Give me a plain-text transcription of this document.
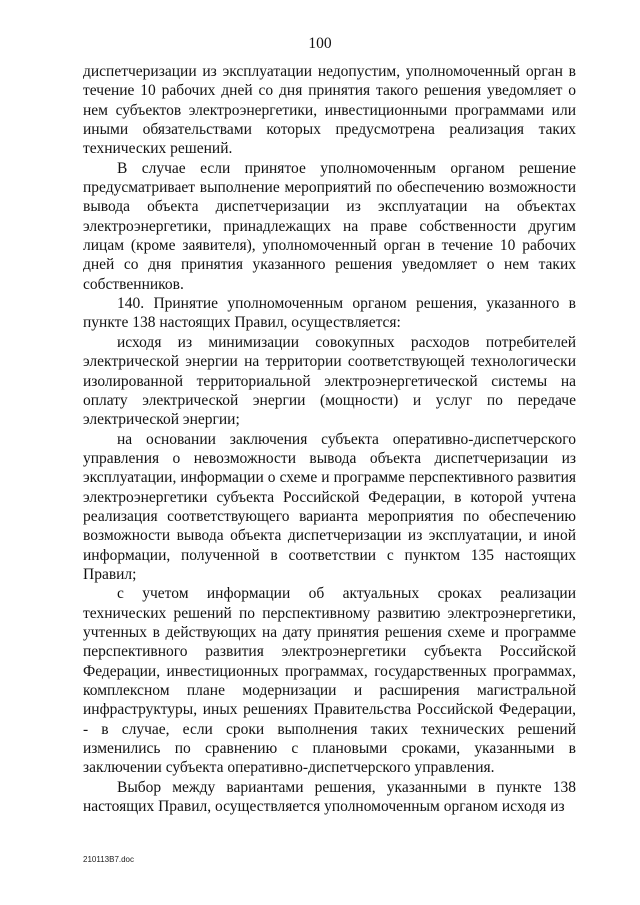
100

диспетчеризации из эксплуатации недопустим, уполномоченный орган в течение 10 рабочих дней со дня принятия такого решения уведомляет о нем субъектов электроэнергетики, инвестиционными программами или иными обязательствами которых предусмотрена реализация таких технических решений.

В случае если принятое уполномоченным органом решение предусматривает выполнение мероприятий по обеспечению возможности вывода объекта диспетчеризации из эксплуатации на объектах электроэнергетики, принадлежащих на праве собственности другим лицам (кроме заявителя), уполномоченный орган в течение 10 рабочих дней со дня принятия указанного решения уведомляет о нем таких собственников.

140. Принятие уполномоченным органом решения, указанного в пункте 138 настоящих Правил, осуществляется:

исходя из минимизации совокупных расходов потребителей электрической энергии на территории соответствующей технологически изолированной территориальной электроэнергетической системы на оплату электрической энергии (мощности) и услуг по передаче электрической энергии;

на основании заключения субъекта оперативно-диспетчерского управления о невозможности вывода объекта диспетчеризации из эксплуатации, информации о схеме и программе перспективного развития электроэнергетики субъекта Российской Федерации, в которой учтена реализация соответствующего варианта мероприятия по обеспечению возможности вывода объекта диспетчеризации из эксплуатации, и иной информации, полученной в соответствии с пунктом 135 настоящих Правил;

с учетом информации об актуальных сроках реализации технических решений по перспективному развитию электроэнергетики, учтенных в действующих на дату принятия решения схеме и программе перспективного развития электроэнергетики субъекта Российской Федерации, инвестиционных программах, государственных программах, комплексном плане модернизации и расширения магистральной инфраструктуры, иных решениях Правительства Российской Федерации, - в случае, если сроки выполнения таких технических решений изменились по сравнению с плановыми сроками, указанными в заключении субъекта оперативно-диспетчерского управления.

Выбор между вариантами решения, указанными в пункте 138 настоящих Правил, осуществляется уполномоченным органом исходя из

210113B7.doc
